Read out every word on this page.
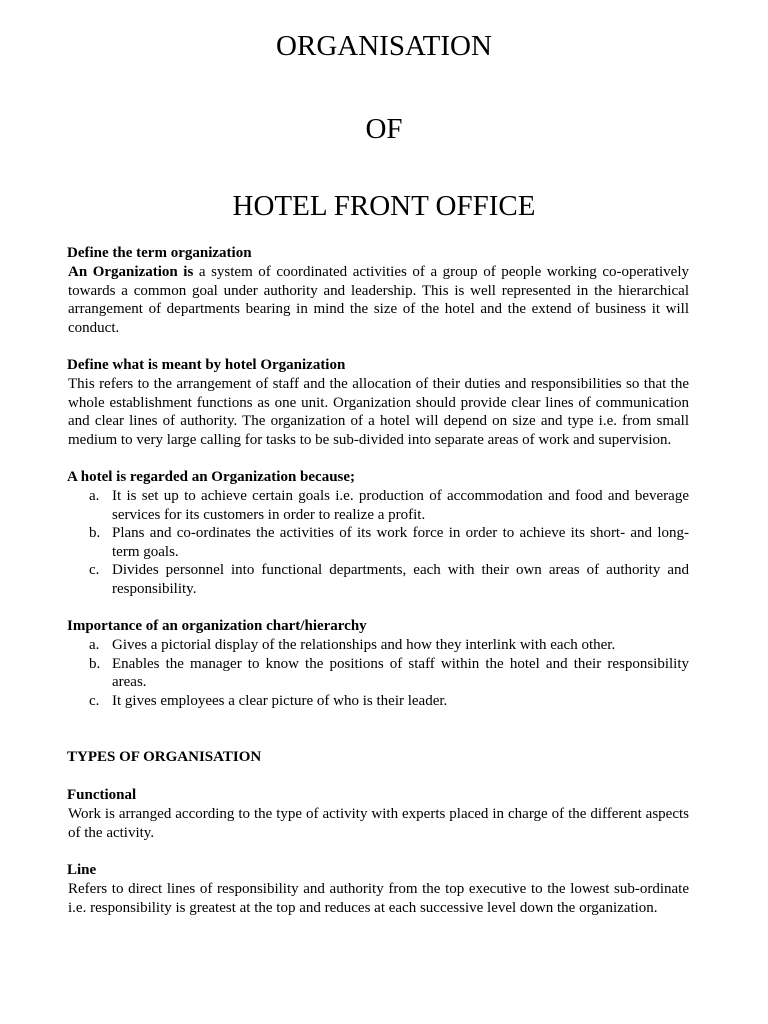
ORGANISATION
OF
HOTEL FRONT OFFICE

Define the term organization

An Organization is a system of coordinated activities of a group of people working co-operatively towards a common goal under authority and leadership. This is well represented in the hierarchical arrangement of departments bearing in mind the size of the hotel and the extend of business it will conduct.

Define what is meant by hotel Organization

This refers to the arrangement of staff and the allocation of their duties and responsibilities so that the whole establishment functions as one unit. Organization should provide clear lines of communication and clear lines of authority. The organization of a hotel will depend on size and type i.e. from small medium to very large calling for tasks to be sub-divided into separate areas of work and supervision.

A hotel is regarded an Organization because;

a. It is set up to achieve certain goals i.e. production of accommodation and food and beverage services for its customers in order to realize a profit.
b. Plans and co-ordinates the activities of its work force in order to achieve its short- and long-term goals.
c. Divides personnel into functional departments, each with their own areas of authority and responsibility.

Importance of an organization chart/hierarchy

a. Gives a pictorial display of the relationships and how they interlink with each other.
b. Enables the manager to know the positions of staff within the hotel and their responsibility areas.
c. It gives employees a clear picture of who is their leader.

TYPES OF ORGANISATION

Functional

Work is arranged according to the type of activity with experts placed in charge of the different aspects of the activity.

Line

Refers to direct lines of responsibility and authority from the top executive to the lowest sub-ordinate i.e. responsibility is greatest at the top and reduces at each successive level down the organization.
